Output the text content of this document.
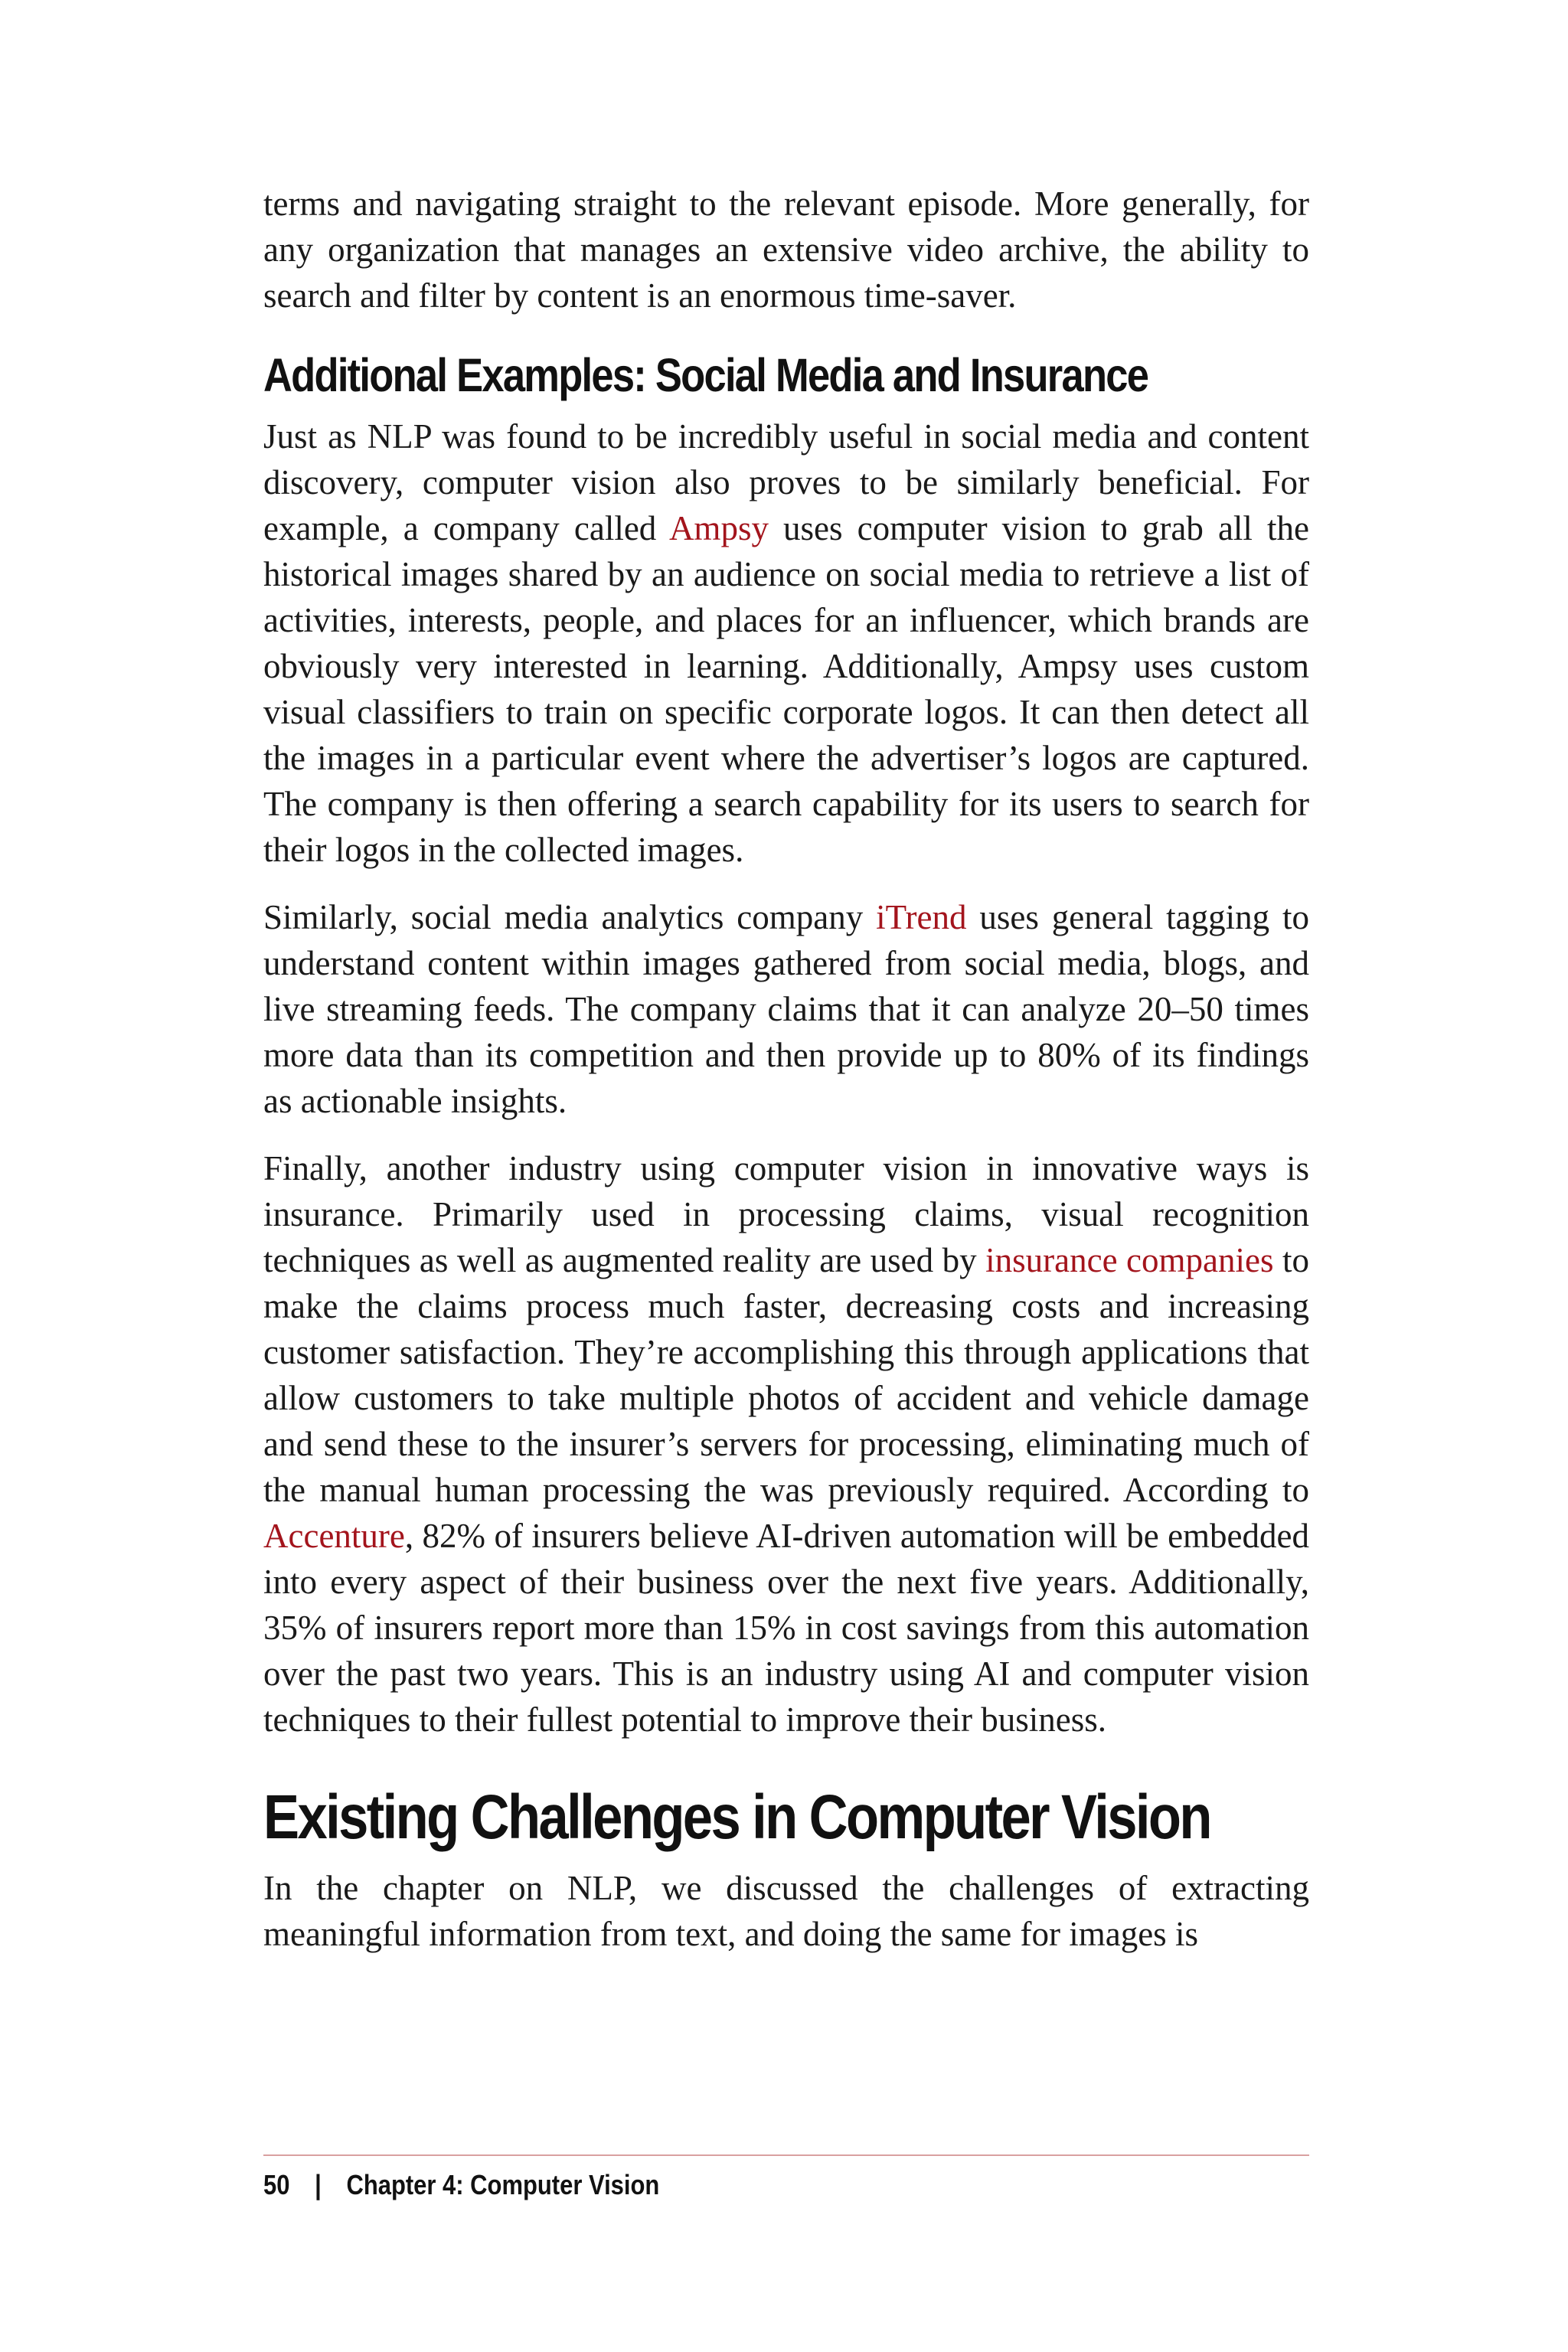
terms and navigating straight to the relevant episode. More generally, for any organization that manages an extensive video archive, the ability to search and filter by content is an enormous time-saver.

Additional Examples: Social Media and Insurance

Just as NLP was found to be incredibly useful in social media and content discovery, computer vision also proves to be similarly beneficial. For example, a company called Ampsy uses computer vision to grab all the historical images shared by an audience on social media to retrieve a list of activities, interests, people, and places for an influencer, which brands are obviously very interested in learning. Additionally, Ampsy uses custom visual classifiers to train on specific corporate logos. It can then detect all the images in a particular event where the advertiser’s logos are captured. The company is then offering a search capability for its users to search for their logos in the collected images.

Similarly, social media analytics company iTrend uses general tagging to understand content within images gathered from social media, blogs, and live streaming feeds. The company claims that it can analyze 20–50 times more data than its competition and then provide up to 80% of its findings as actionable insights.

Finally, another industry using computer vision in innovative ways is insurance. Primarily used in processing claims, visual recognition techniques as well as augmented reality are used by insurance companies to make the claims process much faster, decreasing costs and increasing customer satisfaction. They’re accomplishing this through applications that allow customers to take multiple photos of accident and vehicle damage and send these to the insurer’s servers for processing, eliminating much of the manual human processing the was previously required. According to Accenture, 82% of insurers believe AI-driven automation will be embedded into every aspect of their business over the next five years. Additionally, 35% of insurers report more than 15% in cost savings from this automation over the past two years. This is an industry using AI and computer vision techniques to their fullest potential to improve their business.

Existing Challenges in Computer Vision

In the chapter on NLP, we discussed the challenges of extracting meaningful information from text, and doing the same for images is

50 | Chapter 4: Computer Vision
